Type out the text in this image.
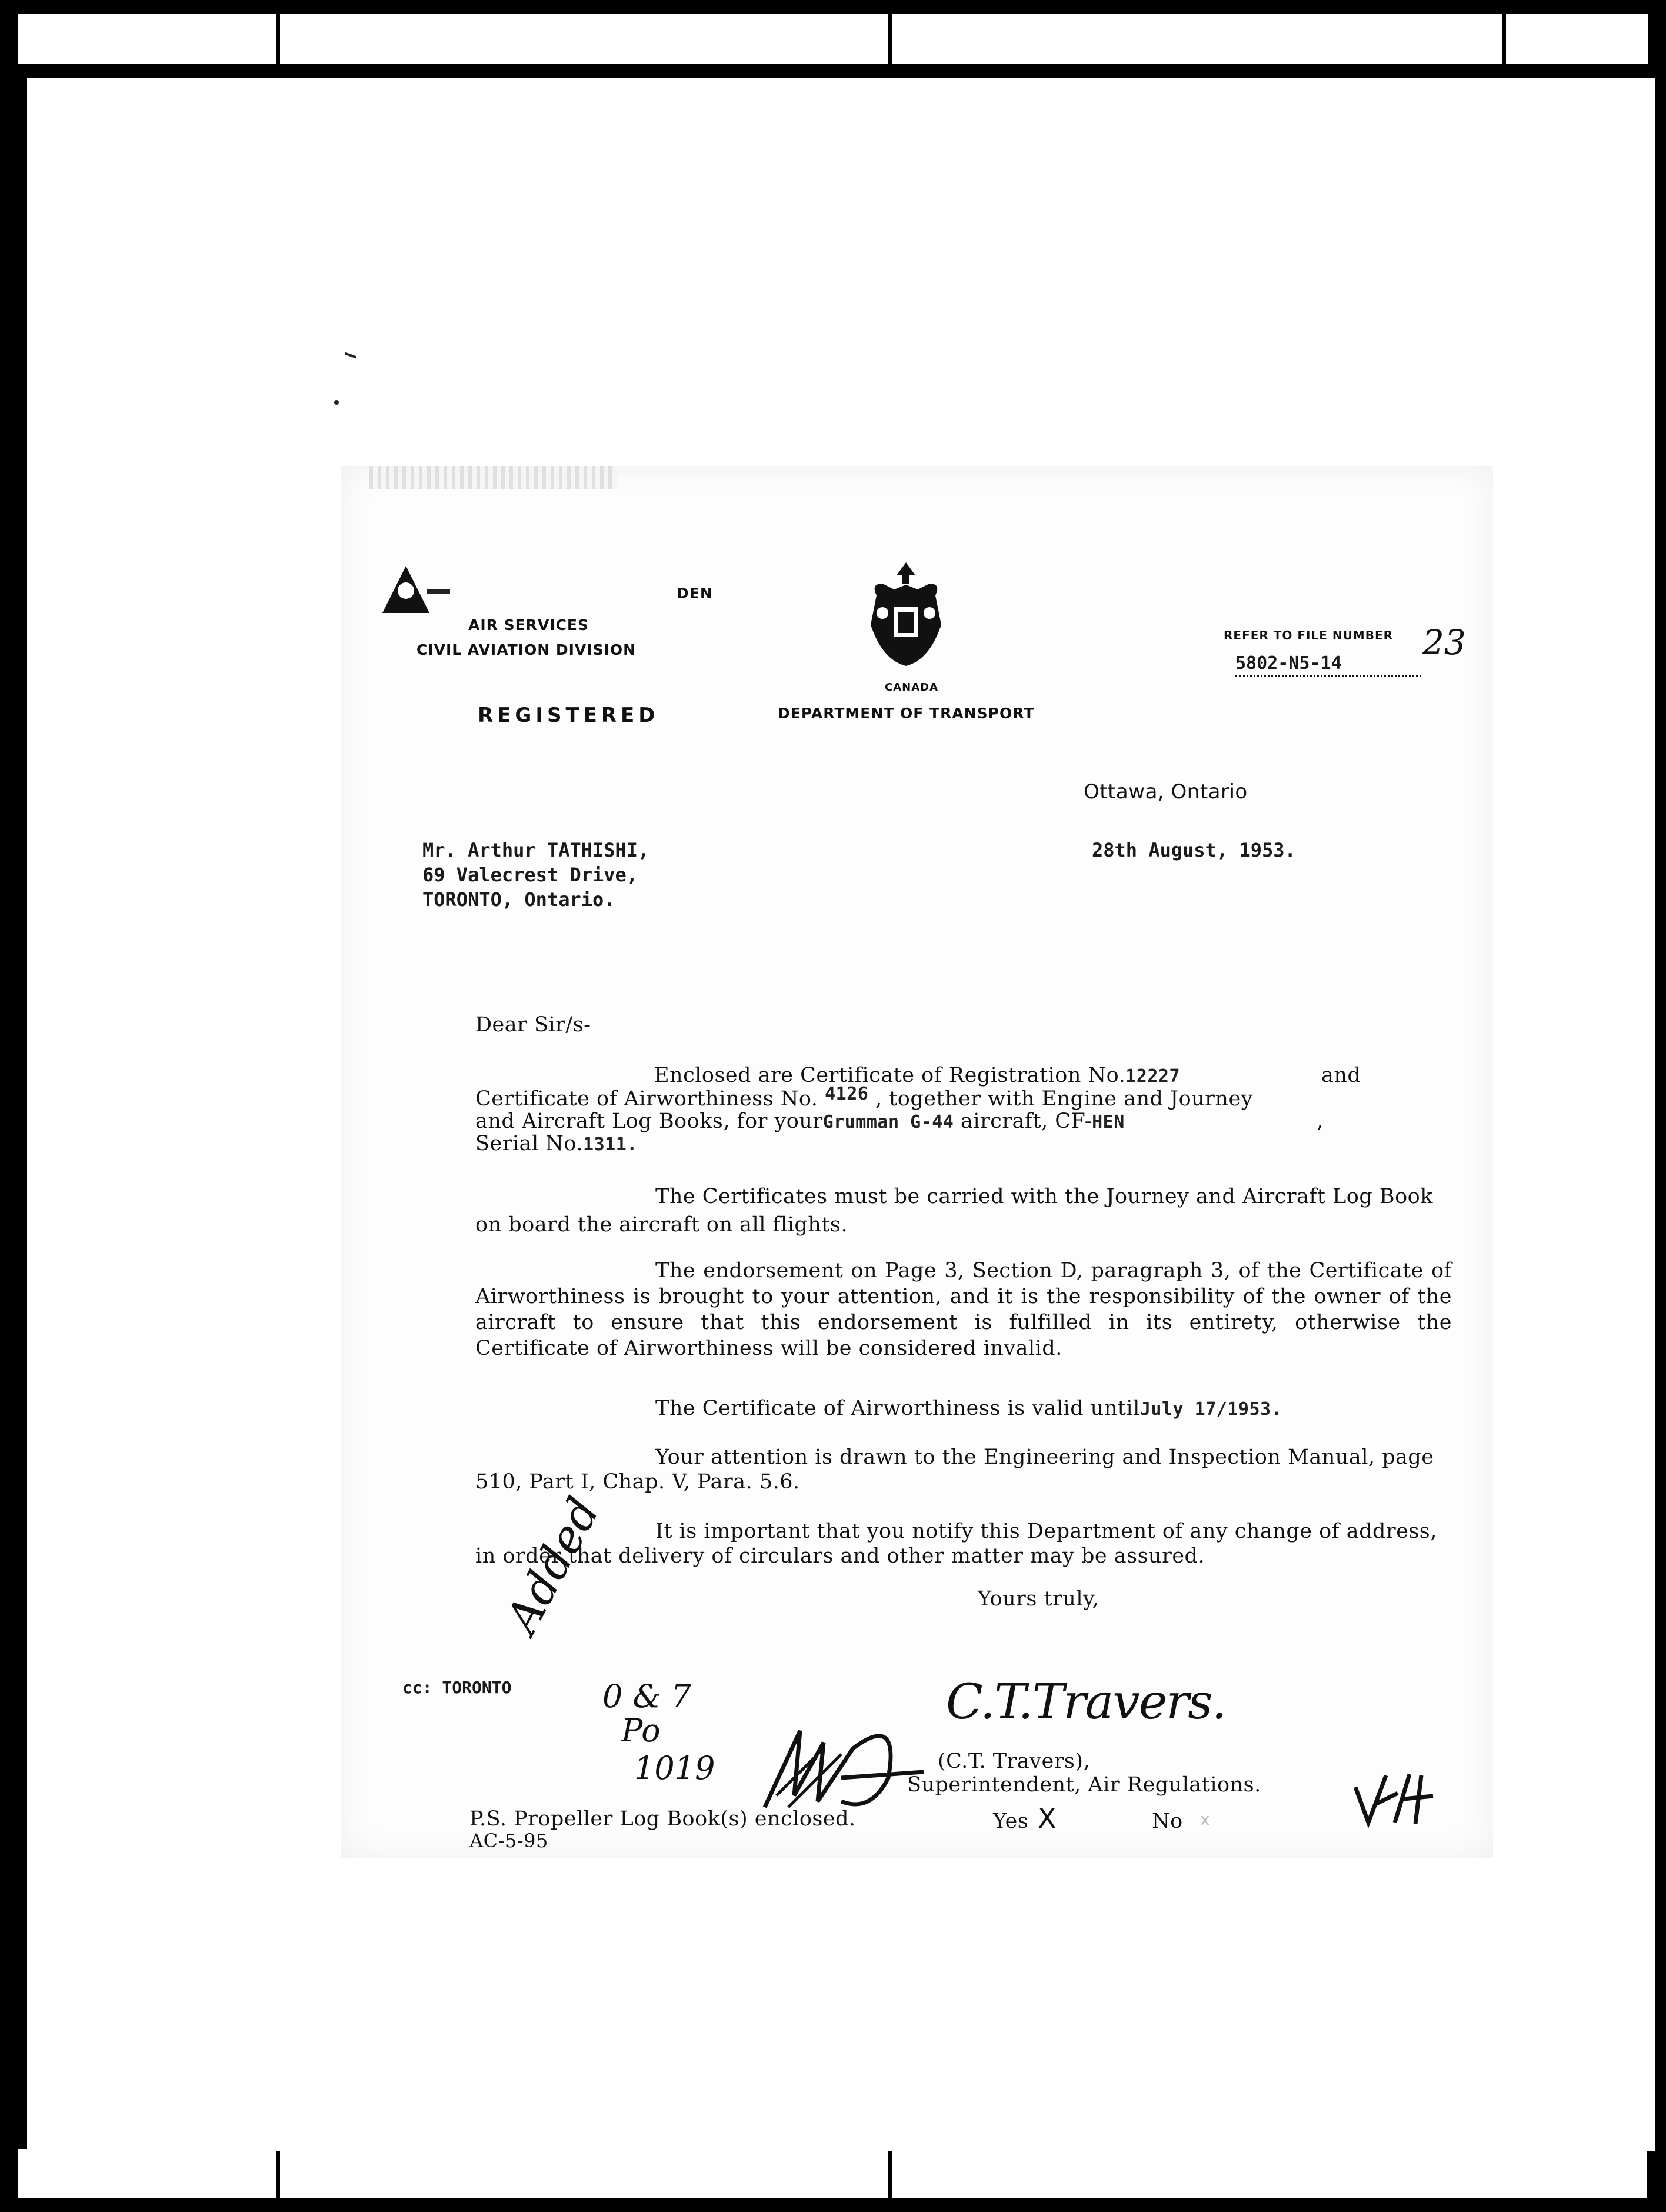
DEN
AIR SERVICES
CIVIL AVIATION DIVISION
CANADA
DEPARTMENT OF TRANSPORT
REGISTERED
REFER TO FILE NUMBER
5802-N5-14
23
Ottawa, Ontario
28th August, 1953.
Mr. Arthur TATHISHI,
69 Valecrest Drive,
TORONTO, Ontario.
Dear Sir/s-
Enclosed are Certificate of Registration No.12227	and
Certificate of Airworthiness No. 4126 , together with Engine and Journey
and Aircraft Log Books, for yourGrumman G-44 aircraft, CF-HEN	,
Serial No.1311.
The Certificates must be carried with the Journey and Aircraft Log Book on board the aircraft on all flights.
The endorsement on Page 3, Section D, paragraph 3, of the Certificate of Airworthiness is brought to your attention, and it is the responsibility of the owner of the aircraft to ensure that this endorsement is fulfilled in its entirety, otherwise the Certificate of Airworthiness will be considered invalid.
The Certificate of Airworthiness is valid untilJuly 17/1953.
Your attention is drawn to the Engineering and Inspection Manual, page 510, Part I, Chap. V, Para. 5.6.
It is important that you notify this Department of any change of address, in order that delivery of circulars and other matter may be assured.
Yours truly,
Added
0 & 7
Po
1019
cc: TORONTO	C.T.Travers.
(C.T. Travers),
Superintendent, Air Regulations.
P.S. Propeller Log Book(s) enclosed.	Yes X	No x
AC-5-95
